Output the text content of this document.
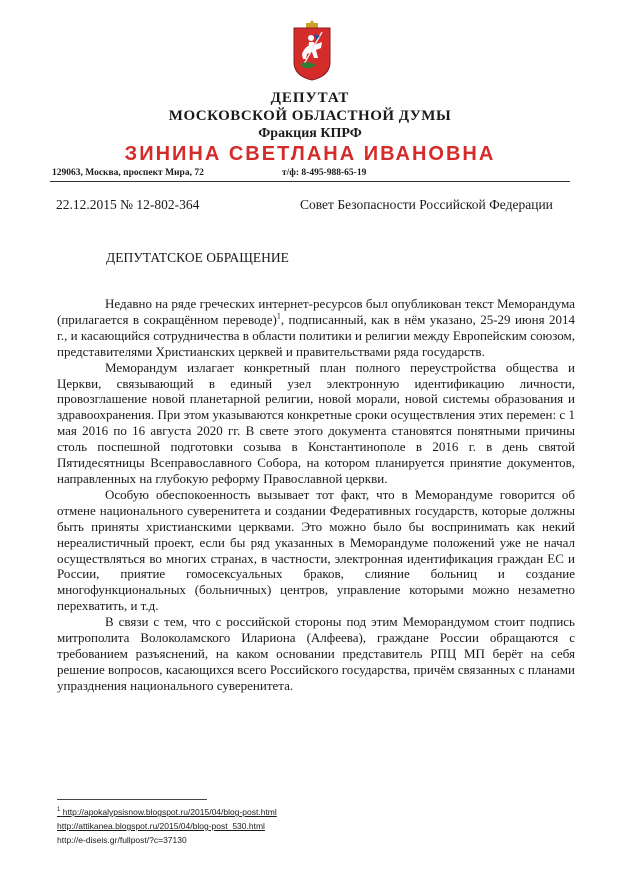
ДЕПУТАТ
МОСКОВСКОЙ ОБЛАСТНОЙ ДУМЫ
Фракция КПРФ
ЗИНИНА СВЕТЛАНА ИВАНОВНА
129063, Москва, проспект Мира, 72	т/ф: 8-495-988-65-19
22.12.2015 № 12-802-364	Совет Безопасности Российской Федерации
ДЕПУТАТСКОЕ ОБРАЩЕНИЕ

Недавно на ряде греческих интернет-ресурсов был опубликован текст Меморандума (прилагается в сокращённом переводе)$^1$, подписанный, как в нём указано, 25-29 июня 2014 г., и касающийся сотрудничества в области политики и религии между Европейским союзом, представителями Христианских церквей и правительствами ряда государств.

Меморандум излагает конкретный план полного переустройства общества и Церкви, связывающий в единый узел электронную идентификацию личности, провозглашение новой планетарной религии, новой морали, новой системы образования и здравоохранения. При этом указываются конкретные сроки осуществления этих перемен: с 1 мая 2016 по 16 августа 2020 гг. В свете этого документа становятся понятными причины столь поспешной подготовки созыва в Константинополе в 2016 г. в день святой Пятидесятницы Всеправославного Собора, на котором планируется принятие документов, направленных на глубокую реформу Православной церкви.

Особую обеспокоенность вызывает тот факт, что в Меморандуме говорится об отмене национального суверенитета и создании Федеративных государств, которые должны быть приняты христианскими церквами. Это можно было бы воспринимать как некий нереалистичный проект, если бы ряд указанных в Меморандуме положений уже не начал осуществляться во многих странах, в частности, электронная идентификация граждан ЕС и России, приятие гомосексуальных браков, слияние больниц и создание многофункциональных (больничных) центров, управление которыми можно незаметно перехватить, и т.д.

В связи с тем, что с российской стороны под этим Меморандумом стоит подпись митрополита Волоколамского Илариона (Алфеева), граждане России обращаются с требованием разъяснений, на каком основании представитель РПЦ МП берёт на себя решение вопросов, касающихся всего Российского государства, причём связанных с планами упразднения национального суверенитета.

$^1$ http://apokalypsisnow.blogspot.ru/2015/04/blog-post.html
http://attikanea.blogspot.ru/2015/04/blog-post_530.html
http://e-diseis.gr/fullpost/?c=37130
